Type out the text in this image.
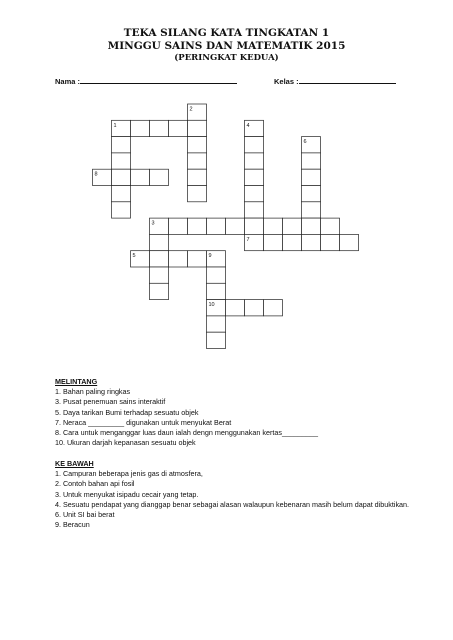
TEKA SILANG KATA TINGKATAN 1
MINGGU SAINS DAN MATEMATIK 2015
(PERINGKAT KEDUA)
Nama :	Kelas :
1
2
3
4
5
6
7
8
9
10
MELINTANG
1. Bahan paling ringkas
3. Pusat penemuan sains interaktif
5. Daya tarikan Bumi terhadap sesuatu objek
7. Neraca _________ digunakan untuk menyukat Berat
8. Cara untuk menganggar luas daun ialah dengn menggunakan kertas_________
10. Ukuran darjah kepanasan sesuatu objek
KE BAWAH
1. Campuran beberapa jenis gas di atmosfera,
2. Contoh bahan api fosil
3. Untuk menyukat isipadu cecair yang tetap.
4. Sesuatu pendapat yang dianggap benar sebagai alasan walaupun kebenaran masih belum dapat dibuktikan.
6. Unit SI bai berat
9. Beracun
